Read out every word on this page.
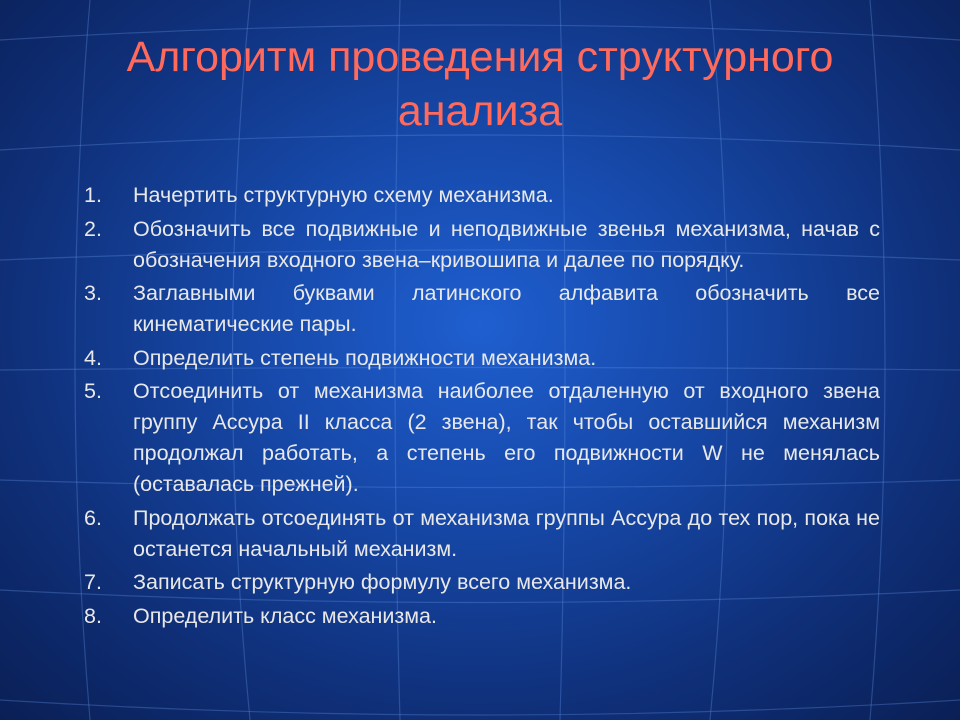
Алгоритм проведения структурного анализа
1.	Начертить структурную схему механизма.
2.	Обозначить все подвижные и неподвижные звенья механизма, начав с обозначения входного звена–кривошипа и далее по порядку.
3.	Заглавными буквами латинского алфавита обозначить все кинематические пары.
4.	Определить степень подвижности механизма.
5.	Отсоединить от механизма наиболее отдаленную от входного звена группу Ассура II класса (2 звена), так чтобы оставшийся механизм продолжал работать, а степень его подвижности W не менялась (оставалась прежней).
6.	Продолжать отсоединять от механизма группы Ассура до тех пор, пока не останется начальный механизм.
7.	Записать структурную формулу всего механизма.
8.	Определить класс механизма.
